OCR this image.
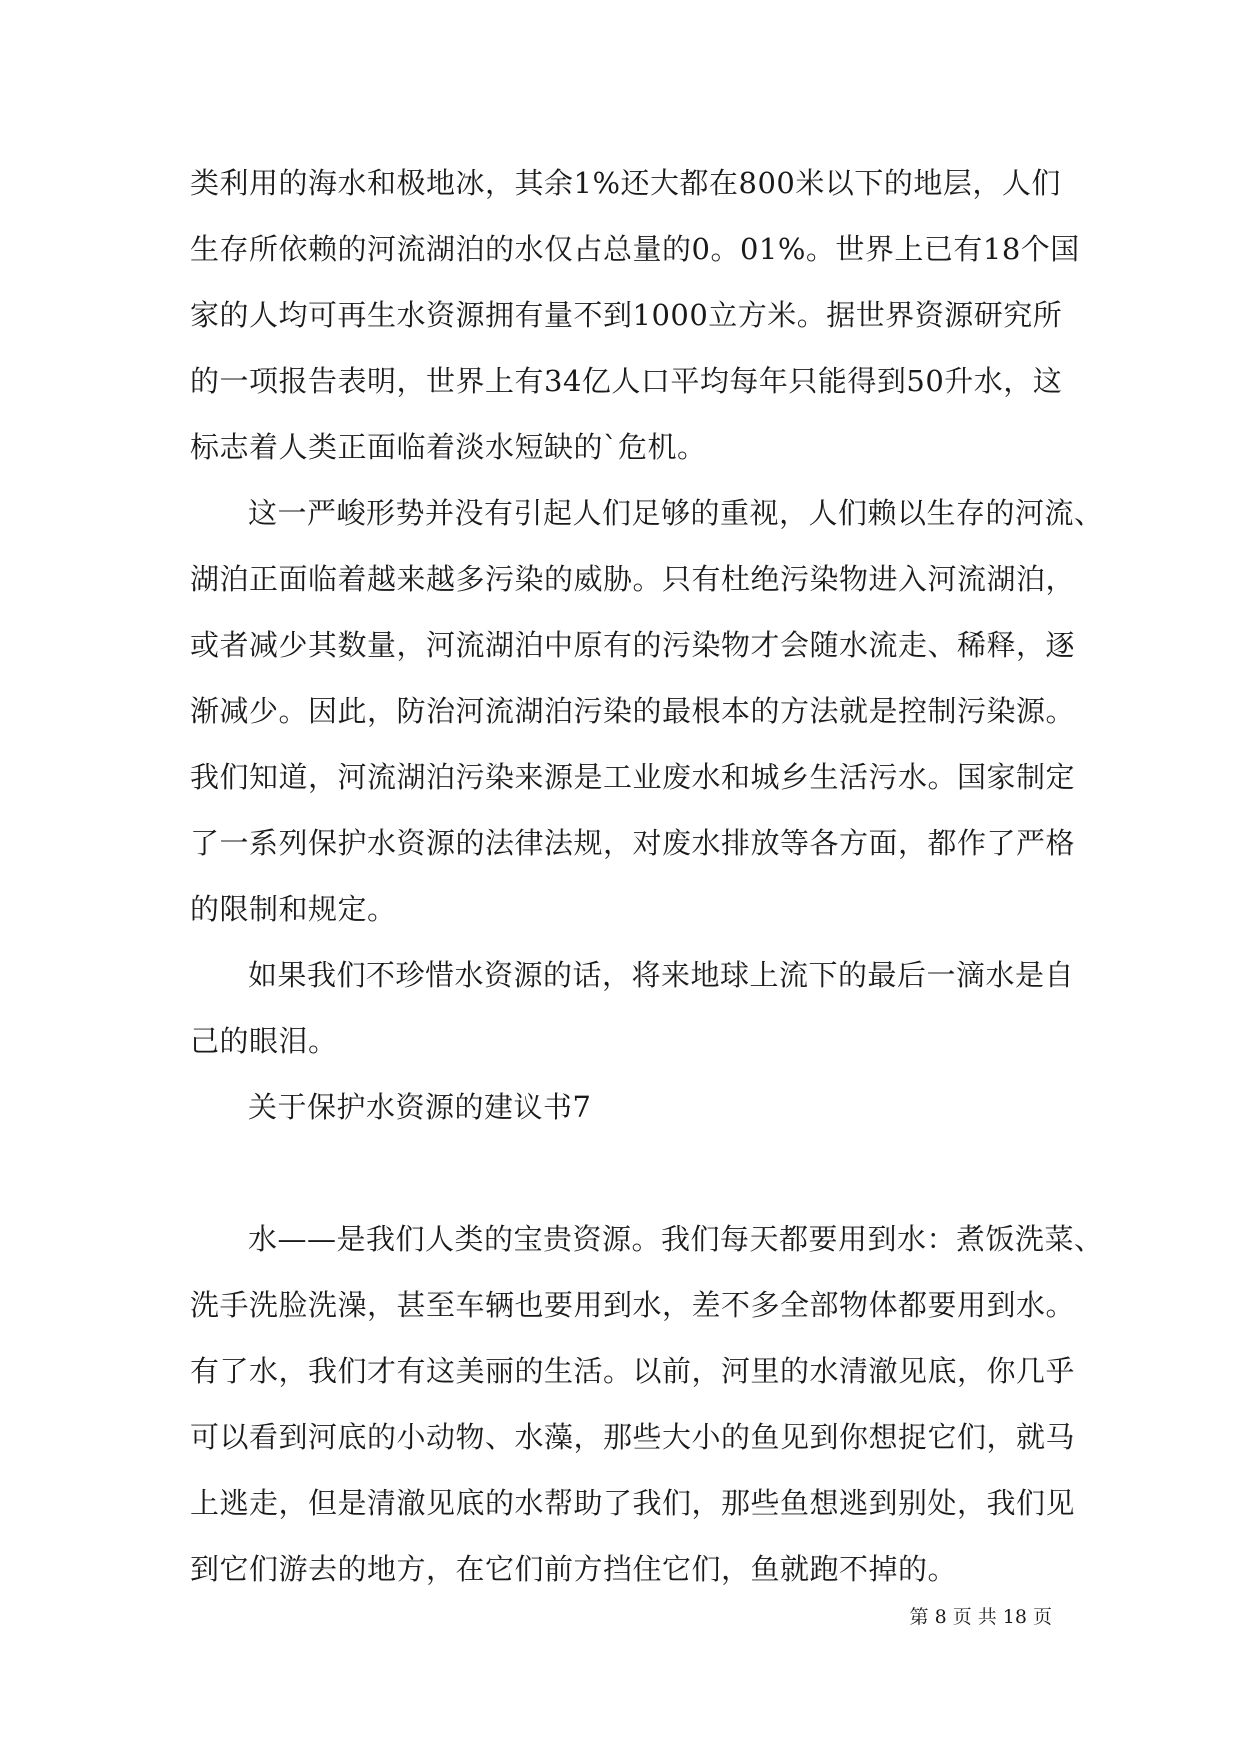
类利用的海水和极地冰，其余1%还大都在800米以下的地层，人们
生存所依赖的河流湖泊的水仅占总量的0。01%。世界上已有18个国
家的人均可再生水资源拥有量不到1000立方米。据世界资源研究所
的一项报告表明，世界上有34亿人口平均每年只能得到50升水，这
标志着人类正面临着淡水短缺的`危机。
这一严峻形势并没有引起人们足够的重视，人们赖以生存的河流、
湖泊正面临着越来越多污染的威胁。只有杜绝污染物进入河流湖泊，
或者减少其数量，河流湖泊中原有的污染物才会随水流走、稀释，逐
渐减少。因此，防治河流湖泊污染的最根本的方法就是控制污染源。
我们知道，河流湖泊污染来源是工业废水和城乡生活污水。国家制定
了一系列保护水资源的法律法规，对废水排放等各方面，都作了严格
的限制和规定。
如果我们不珍惜水资源的话，将来地球上流下的最后一滴水是自
己的眼泪。

关于保护水资源的建议书7

水——是我们人类的宝贵资源。我们每天都要用到水：煮饭洗菜、
洗手洗脸洗澡，甚至车辆也要用到水，差不多全部物体都要用到水。
有了水，我们才有这美丽的生活。以前，河里的水清澈见底，你几乎
可以看到河底的小动物、水藻，那些大小的鱼见到你想捉它们，就马
上逃走，但是清澈见底的水帮助了我们，那些鱼想逃到别处，我们见
到它们游去的地方，在它们前方挡住它们，鱼就跑不掉的。
第 8 页 共 18 页
